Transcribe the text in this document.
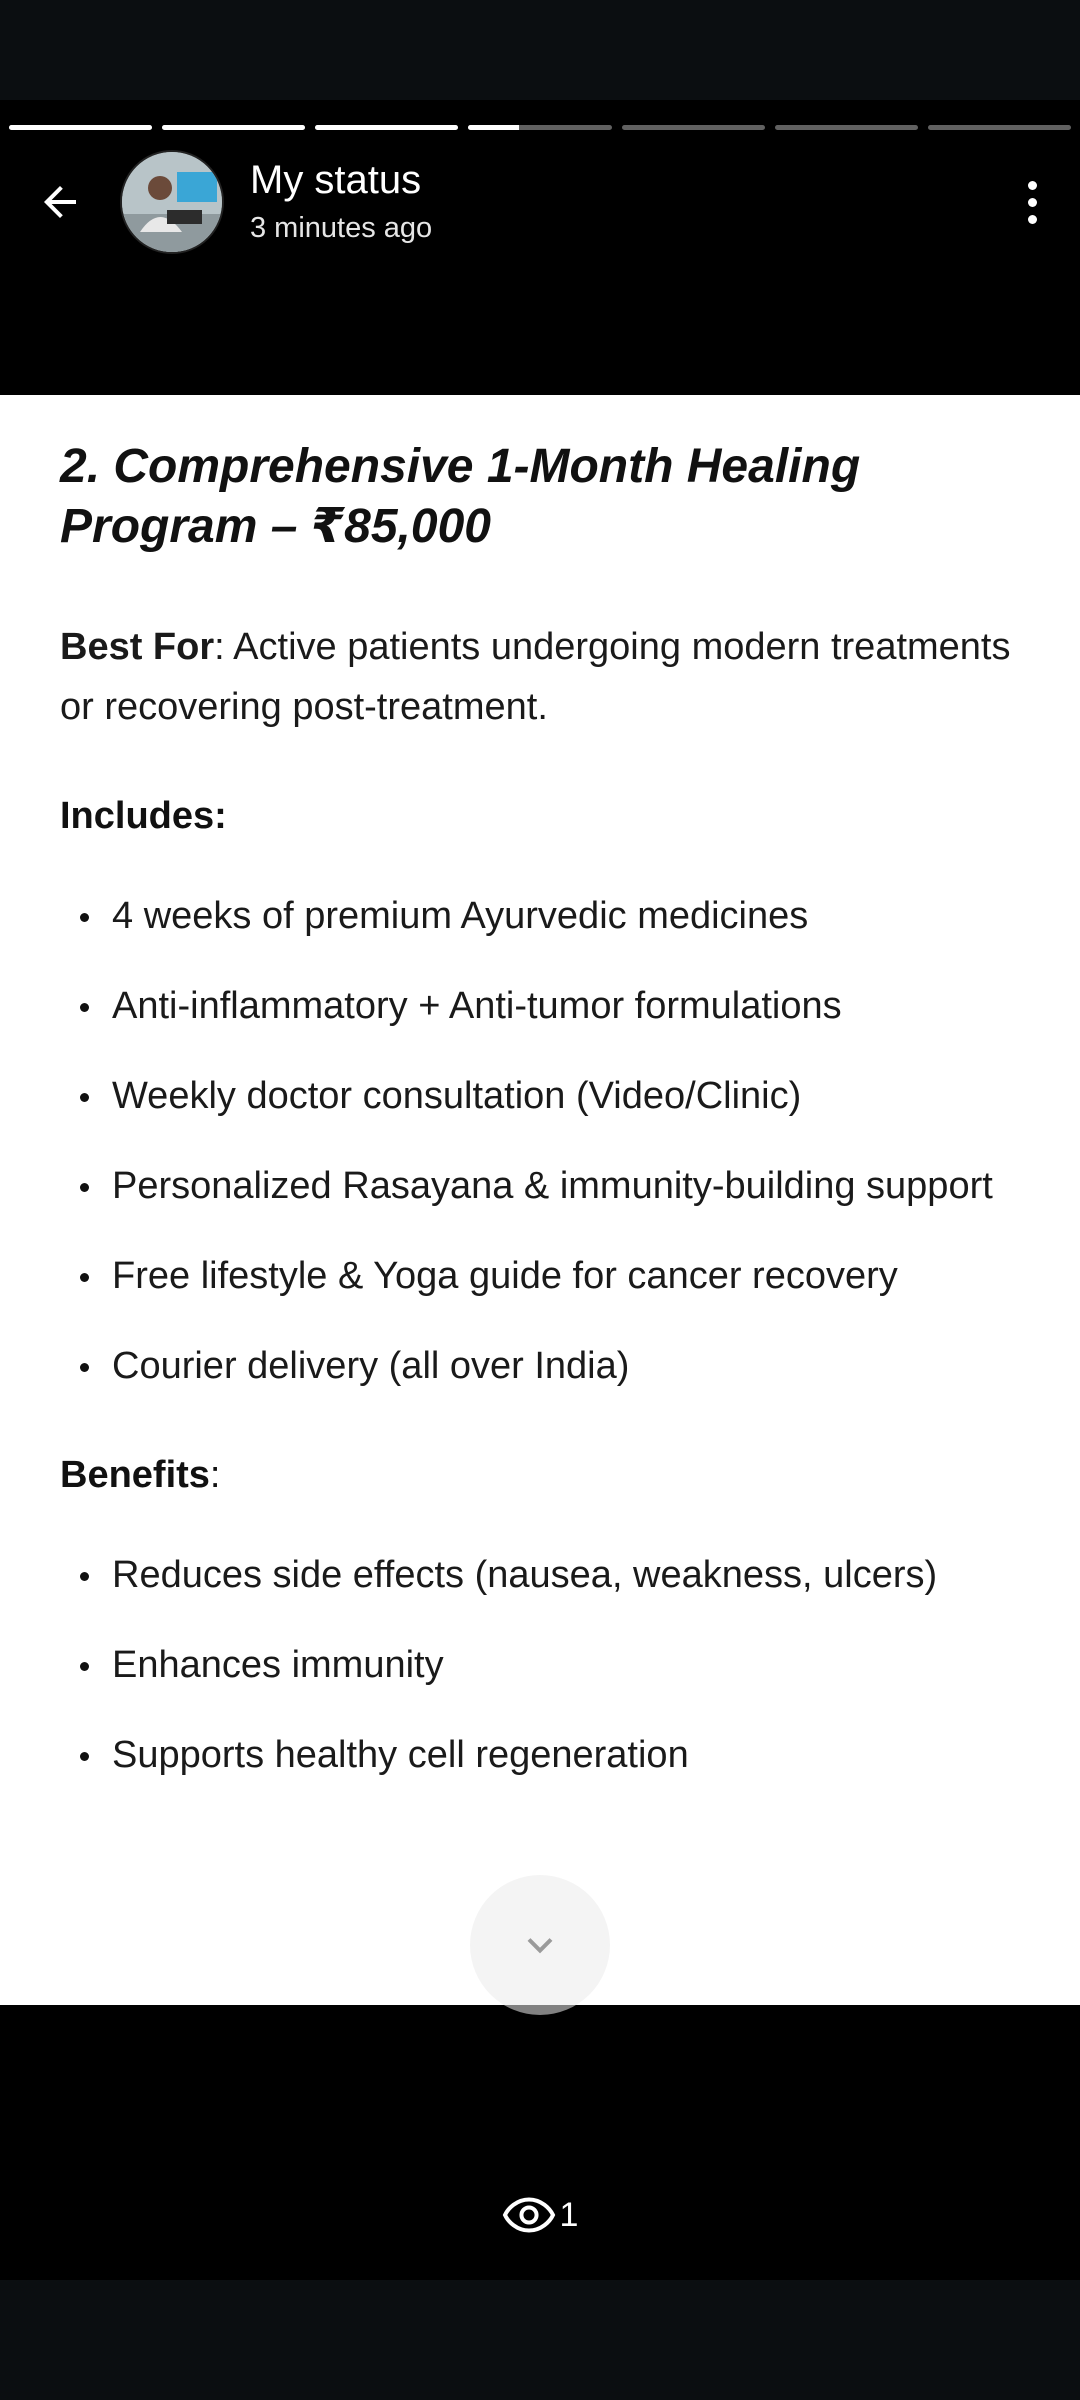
My status
3 minutes ago
2. Comprehensive 1-Month Healing Program – ₹85,000

Best For: Active patients undergoing modern treatments or recovering post-treatment.

Includes:
4 weeks of premium Ayurvedic medicines
Anti-inflammatory + Anti-tumor formulations
Weekly doctor consultation (Video/Clinic)
Personalized Rasayana & immunity-building support
Free lifestyle & Yoga guide for cancer recovery
Courier delivery (all over India)
Benefits:
Reduces side effects (nausea, weakness, ulcers)
Enhances immunity
Supports healthy cell regeneration
1
